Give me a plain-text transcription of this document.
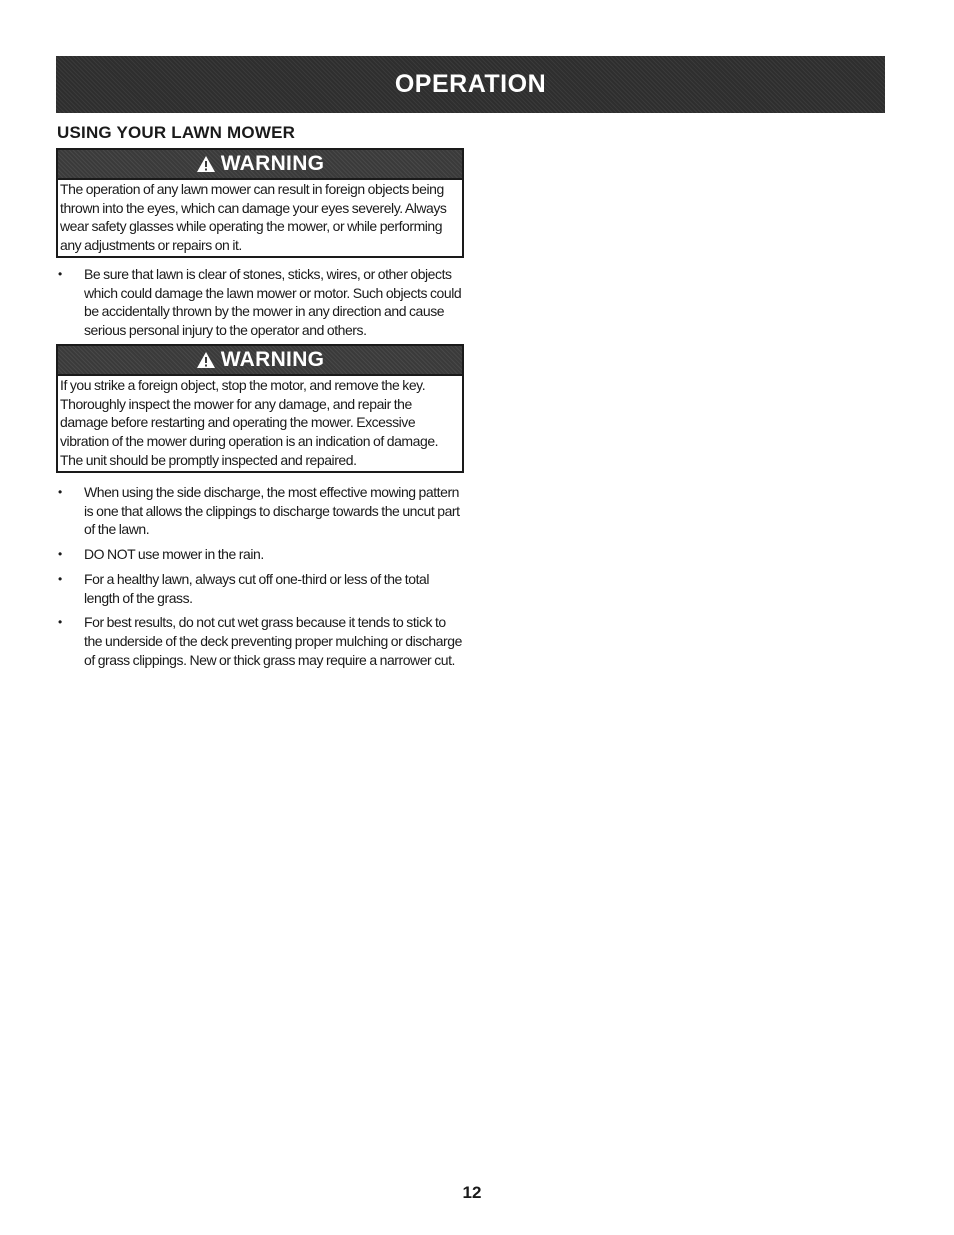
OPERATION
USING YOUR LAWN MOWER
WARNING
The operation of any lawn mower can result in foreign objects being thrown into the eyes, which can damage your eyes severely. Always wear safety glasses while operating the mower, or while performing any adjustments or repairs on it.
• Be sure that lawn is clear of stones, sticks, wires, or other objects which could damage the lawn mower or motor. Such objects could be accidentally thrown by the mower in any direction and cause serious personal injury to the operator and others.
WARNING
If you strike a foreign object, stop the motor, and remove the key. Thoroughly inspect the mower for any damage, and repair the damage before restarting and operating the mower. Excessive vibration of the mower during operation is an indication of damage. The unit should be promptly inspected and repaired.
• When using the side discharge, the most effective mowing pattern is one that allows the clippings to discharge towards the uncut part of the lawn.
• DO NOT use mower in the rain.
• For a healthy lawn, always cut off one-third or less of the total length of the grass.
• For best results, do not cut wet grass because it tends to stick to the underside of the deck preventing proper mulching or discharge of grass clippings. New or thick grass may require a narrower cut.
12
